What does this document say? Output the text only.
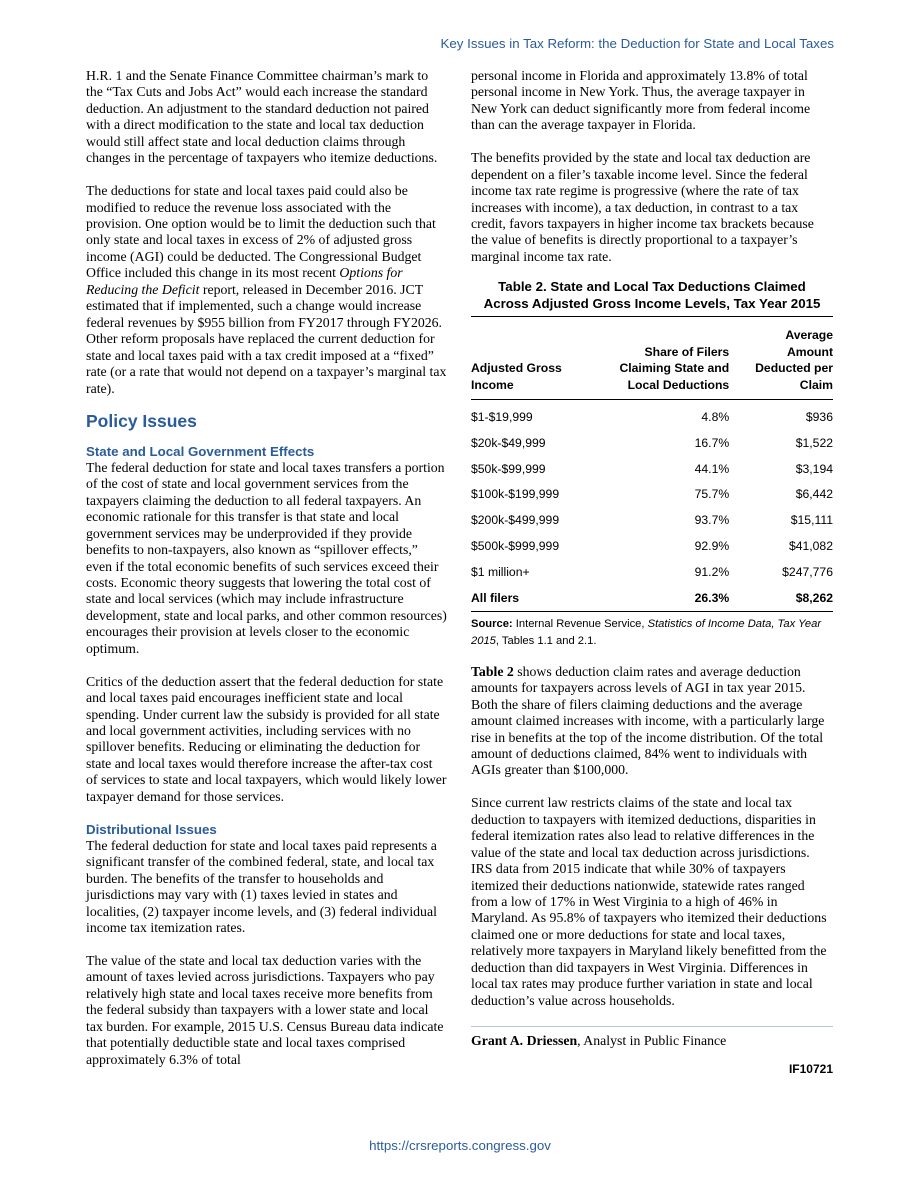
Key Issues in Tax Reform: the Deduction for State and Local Taxes

H.R. 1 and the Senate Finance Committee chairman’s mark to the “Tax Cuts and Jobs Act” would each increase the standard deduction. An adjustment to the standard deduction not paired with a direct modification to the state and local tax deduction would still affect state and local deduction claims through changes in the percentage of taxpayers who itemize deductions.

The deductions for state and local taxes paid could also be modified to reduce the revenue loss associated with the provision. One option would be to limit the deduction such that only state and local taxes in excess of 2% of adjusted gross income (AGI) could be deducted. The Congressional Budget Office included this change in its most recent Options for Reducing the Deficit report, released in December 2016. JCT estimated that if implemented, such a change would increase federal revenues by $955 billion from FY2017 through FY2026. Other reform proposals have replaced the current deduction for state and local taxes paid with a tax credit imposed at a “fixed” rate (or a rate that would not depend on a taxpayer’s marginal tax rate).

Policy Issues
State and Local Government Effects

The federal deduction for state and local taxes transfers a portion of the cost of state and local government services from the taxpayers claiming the deduction to all federal taxpayers. An economic rationale for this transfer is that state and local government services may be underprovided if they provide benefits to non-taxpayers, also known as “spillover effects,” even if the total economic benefits of such services exceed their costs. Economic theory suggests that lowering the total cost of state and local services (which may include infrastructure development, state and local parks, and other common resources) encourages their provision at levels closer to the economic optimum.

Critics of the deduction assert that the federal deduction for state and local taxes paid encourages inefficient state and local spending. Under current law the subsidy is provided for all state and local government activities, including services with no spillover benefits. Reducing or eliminating the deduction for state and local taxes would therefore increase the after-tax cost of services to state and local taxpayers, which would likely lower taxpayer demand for those services.

Distributional Issues

The federal deduction for state and local taxes paid represents a significant transfer of the combined federal, state, and local tax burden. The benefits of the transfer to households and jurisdictions may vary with (1) taxes levied in states and localities, (2) taxpayer income levels, and (3) federal individual income tax itemization rates.

The value of the state and local tax deduction varies with the amount of taxes levied across jurisdictions. Taxpayers who pay relatively high state and local taxes receive more benefits from the federal subsidy than taxpayers with a lower state and local tax burden. For example, 2015 U.S. Census Bureau data indicate that potentially deductible state and local taxes comprised approximately 6.3% of total

personal income in Florida and approximately 13.8% of total personal income in New York. Thus, the average taxpayer in New York can deduct significantly more from federal income than can the average taxpayer in Florida.

The benefits provided by the state and local tax deduction are dependent on a filer’s taxable income level. Since the federal income tax rate regime is progressive (where the rate of tax increases with income), a tax deduction, in contrast to a tax credit, favors taxpayers in higher income tax brackets because the value of benefits is directly proportional to a taxpayer’s marginal income tax rate.

Table 2. State and Local Tax Deductions Claimed
Across Adjusted Gross Income Levels, Tax Year 2015
Adjusted Gross Income	Share of Filers Claiming State and Local Deductions	Average Amount Deducted per Claim
$1-$19,999	4.8%	$936
$20k-$49,999	16.7%	$1,522
$50k-$99,999	44.1%	$3,194
$100k-$199,999	75.7%	$6,442
$200k-$499,999	93.7%	$15,111
$500k-$999,999	92.9%	$41,082
$1 million+	91.2%	$247,776
All filers	26.3%	$8,262
Source: Internal Revenue Service, Statistics of Income Data, Tax Year 2015, Tables 1.1 and 2.1.

Table 2 shows deduction claim rates and average deduction amounts for taxpayers across levels of AGI in tax year 2015. Both the share of filers claiming deductions and the average amount claimed increases with income, with a particularly large rise in benefits at the top of the income distribution. Of the total amount of deductions claimed, 84% went to individuals with AGIs greater than $100,000.

Since current law restricts claims of the state and local tax deduction to taxpayers with itemized deductions, disparities in federal itemization rates also lead to relative differences in the value of the state and local tax deduction across jurisdictions. IRS data from 2015 indicate that while 30% of taxpayers itemized their deductions nationwide, statewide rates ranged from a low of 17% in West Virginia to a high of 46% in Maryland. As 95.8% of taxpayers who itemized their deductions claimed one or more deductions for state and local taxes, relatively more taxpayers in Maryland likely benefitted from the deduction than did taxpayers in West Virginia. Differences in local tax rates may produce further variation in state and local deduction’s value across households.

Grant A. Driessen, Analyst in Public Finance
IF10721
https://crsreports.congress.gov
